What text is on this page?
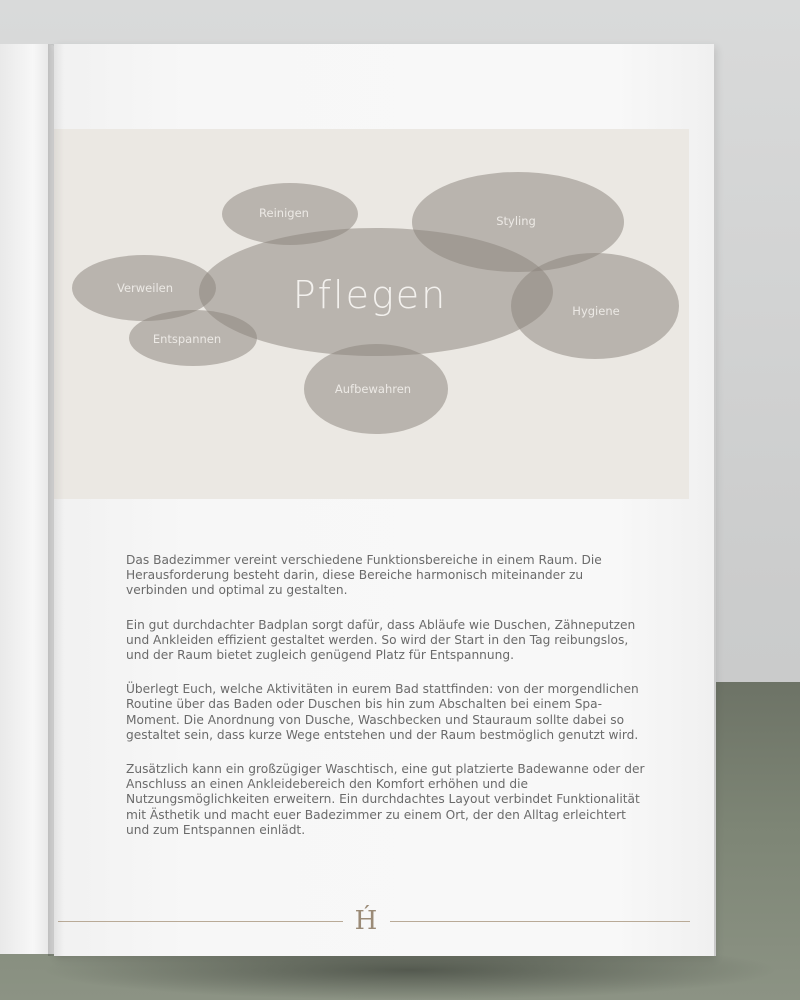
Reinigen
Styling
Verweilen	Pflegen	Hygiene
Entspannen
Aufbewahren

Das Badezimmer vereint verschiedene Funktionsbereiche in einem Raum. Die Herausforderung besteht darin, diese Bereiche harmonisch miteinander zu verbinden und optimal zu gestalten.

Ein gut durchdachter Badplan sorgt dafür, dass Abläufe wie Duschen, Zähneputzen und Ankleiden effizient gestaltet werden. So wird der Start in den Tag reibungslos, und der Raum bietet zugleich genügend Platz für Entspannung.

Überlegt Euch, welche Aktivitäten in eurem Bad stattfinden: von der morgendlichen Routine über das Baden oder Duschen bis hin zum Abschalten bei einem Spa-Moment. Die Anordnung von Dusche, Waschbecken und Stauraum sollte dabei so gestaltet sein, dass kurze Wege entstehen und der Raum bestmöglich genutzt wird.

Zusätzlich kann ein großzügiger Waschtisch, eine gut platzierte Badewanne oder der Anschluss an einen Ankleidebereich den Komfort erhöhen und die Nutzungsmöglichkeiten erweitern. Ein durchdachtes Layout verbindet Funktionalität mit Ästhetik und macht euer Badezimmer zu einem Ort, der den Alltag erleichtert und zum Entspannen einlädt.

H́
